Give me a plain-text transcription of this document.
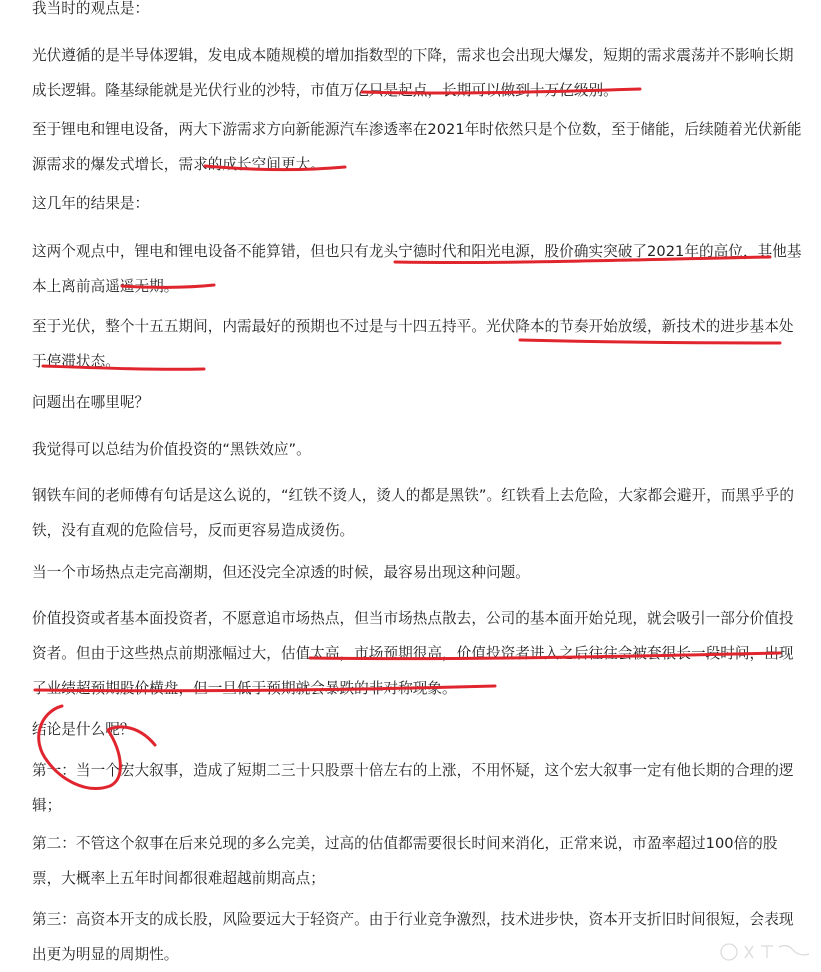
我当时的观点是：

光伏遵循的是半导体逻辑，发电成本随规模的增加指数型的下降，需求也会出现大爆发，短期的需求震荡并不影响长期成长逻辑。隆基绿能就是光伏行业的沙特，市值万亿只是起点，长期可以做到十万亿级别。

至于锂电和锂电设备，两大下游需求方向新能源汽车渗透率在2021年时依然只是个位数，至于储能，后续随着光伏新能源需求的爆发式增长，需求的成长空间更大。

这几年的结果是：

这两个观点中，锂电和锂电设备不能算错，但也只有龙头宁德时代和阳光电源，股价确实突破了2021年的高位，其他基本上离前高遥遥无期。

至于光伏，整个十五五期间，内需最好的预期也不过是与十四五持平。光伏降本的节奏开始放缓，新技术的进步基本处于停滞状态。

问题出在哪里呢？

我觉得可以总结为价值投资的“黑铁效应”。

钢铁车间的老师傅有句话是这么说的，“红铁不烫人，烫人的都是黑铁”。红铁看上去危险，大家都会避开，而黑乎乎的铁，没有直观的危险信号，反而更容易造成烫伤。

当一个市场热点走完高潮期，但还没完全凉透的时候，最容易出现这种问题。

价值投资或者基本面投资者，不愿意追市场热点，但当市场热点散去，公司的基本面开始兑现，就会吸引一部分价值投资者。但由于这些热点前期涨幅过大，估值太高，市场预期很高，价值投资者进入之后往往会被套很长一段时间，出现了业绩超预期股价横盘，但一旦低于预期就会暴跌的非对称现象。

结论是什么呢？

第一：当一个宏大叙事，造成了短期二三十只股票十倍左右的上涨，不用怀疑，这个宏大叙事一定有他长期的合理的逻辑；

第二：不管这个叙事在后来兑现的多么完美，过高的估值都需要很长时间来消化，正常来说，市盈率超过100倍的股票，大概率上五年时间都很难超越前期高点；

第三：高资本开支的成长股，风险要远大于轻资产。由于行业竞争激烈，技术进步快，资本开支折旧时间很短，会表现出更为明显的周期性。
